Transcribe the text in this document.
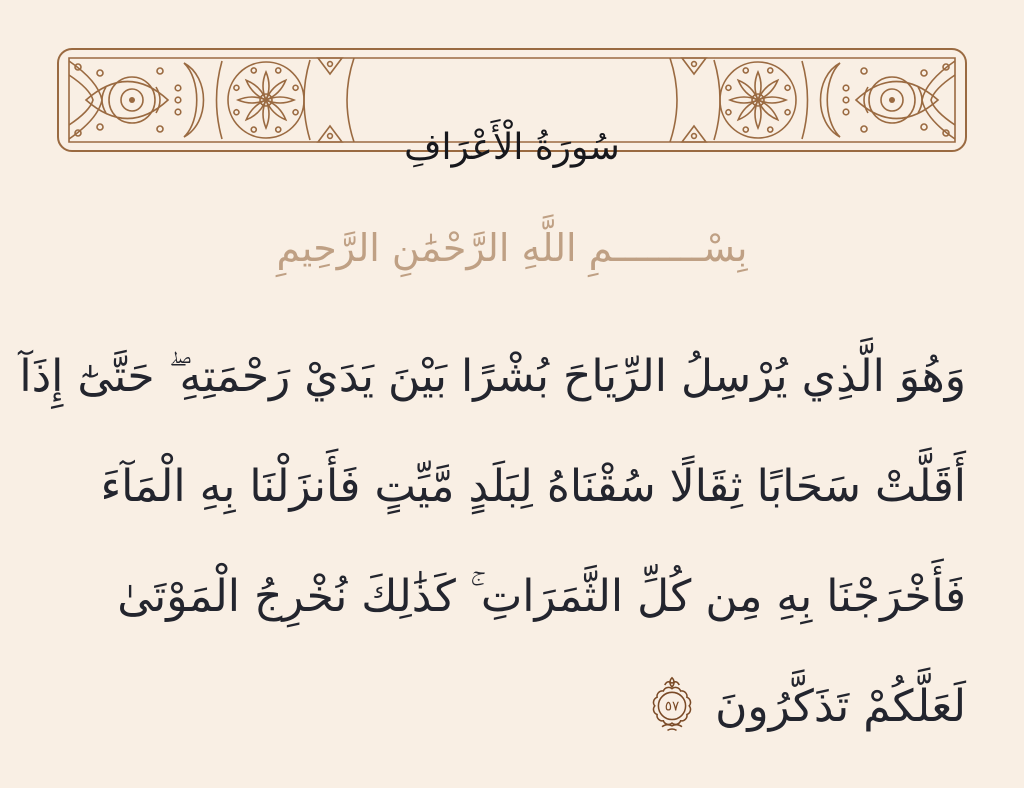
سُورَةُ الْأَعْرَافِ
بِسْــــــــمِ اللَّهِ الرَّحْمَٰنِ الرَّحِيمِ
وَهُوَ الَّذِي يُرْسِلُ الرِّيَاحَ بُشْرًا بَيْنَ يَدَيْ رَحْمَتِهِ ۖ حَتَّىٰٓ إِذَآ
أَقَلَّتْ سَحَابًا ثِقَالًا سُقْنَاهُ لِبَلَدٍ مَّيِّتٍ فَأَنزَلْنَا بِهِ الْمَآءَ
فَأَخْرَجْنَا بِهِ مِن كُلِّ الثَّمَرَاتِ ۚ كَذَٰلِكَ نُخْرِجُ الْمَوْتَىٰ
لَعَلَّكُمْ تَذَكَّرُونَ
٥٧
